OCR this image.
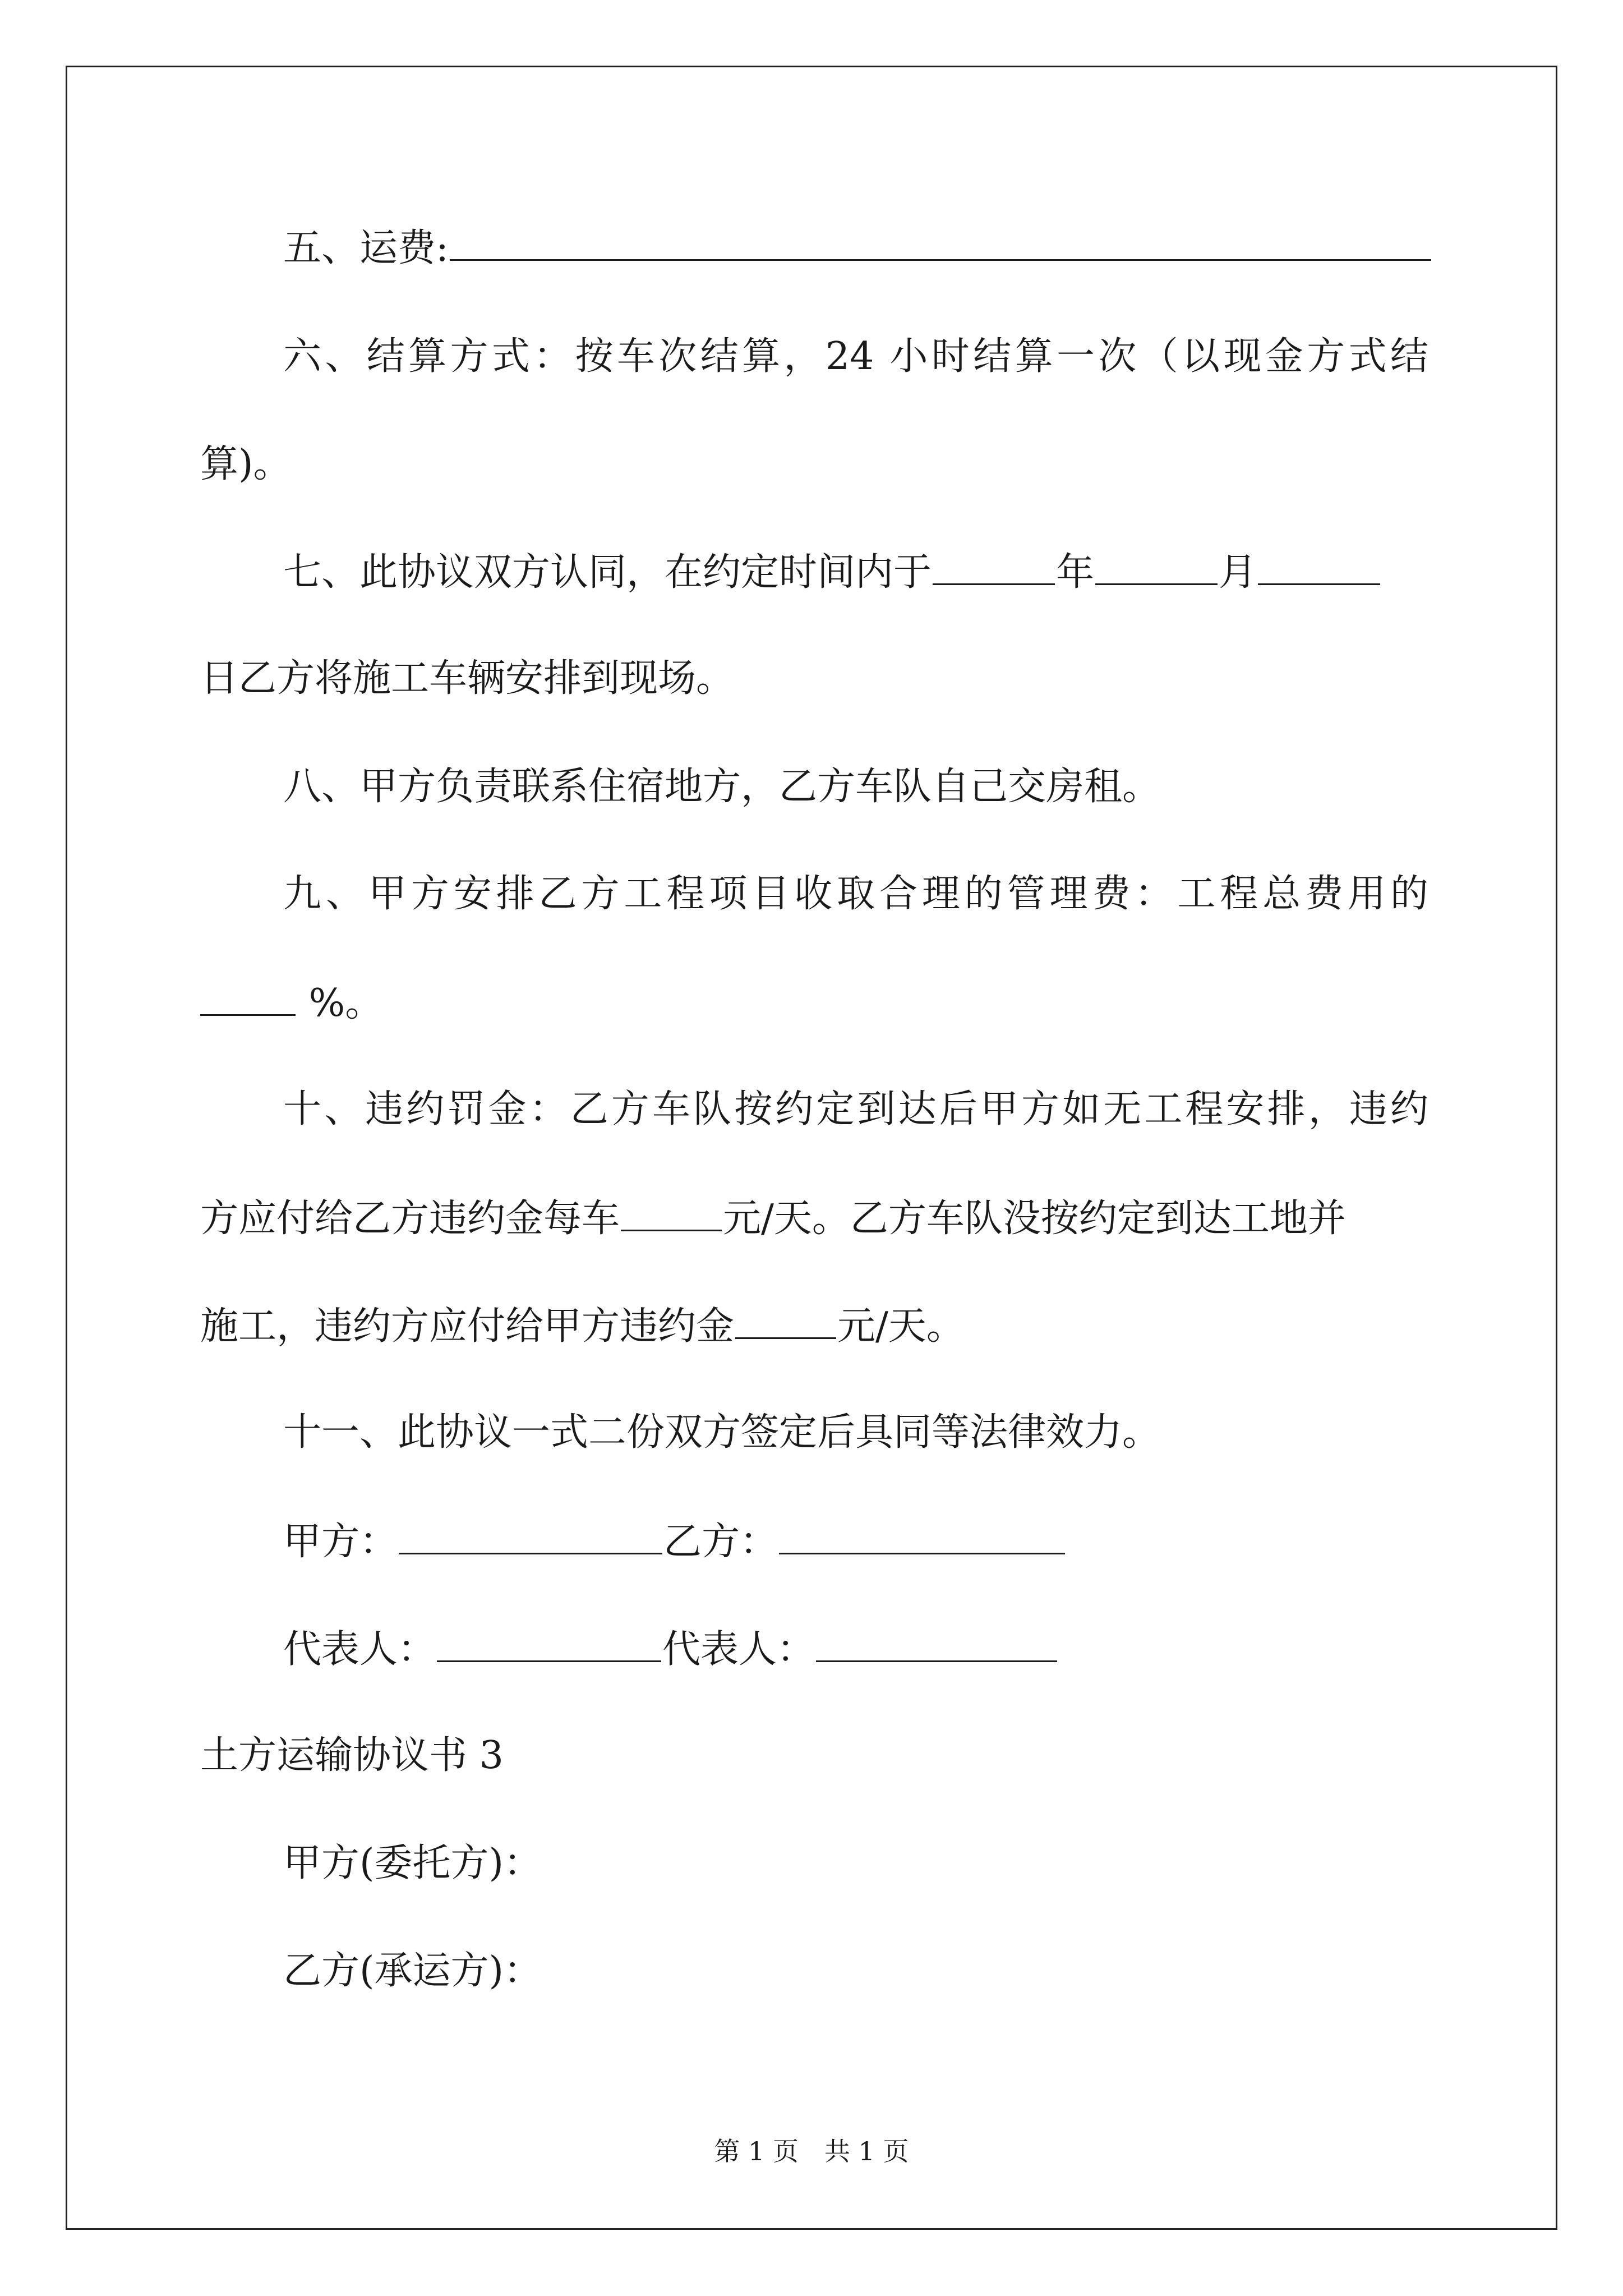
五、运费:
六、结算方式：按车次结算，24 小时结算一次（以现金方式结
算)。
七、此协议双方认同，在约定时间内于	年	月
日乙方将施工车辆安排到现场。
八、甲方负责联系住宿地方，乙方车队自己交房租。
九、甲方安排乙方工程项目收取合理的管理费：工程总费用的
%。
十、违约罚金：乙方车队按约定到达后甲方如无工程安排，违约
方应付给乙方违约金每车	元/天。乙方车队没按约定到达工地并
施工，违约方应付给甲方违约金	元/天。
十一、此协议一式二份双方签定后具同等法律效力。
甲方：	乙方：
代表人：	代表人：
土方运输协议书 3
甲方(委托方)：
乙方(承运方)：
第 1 页　共 1 页
